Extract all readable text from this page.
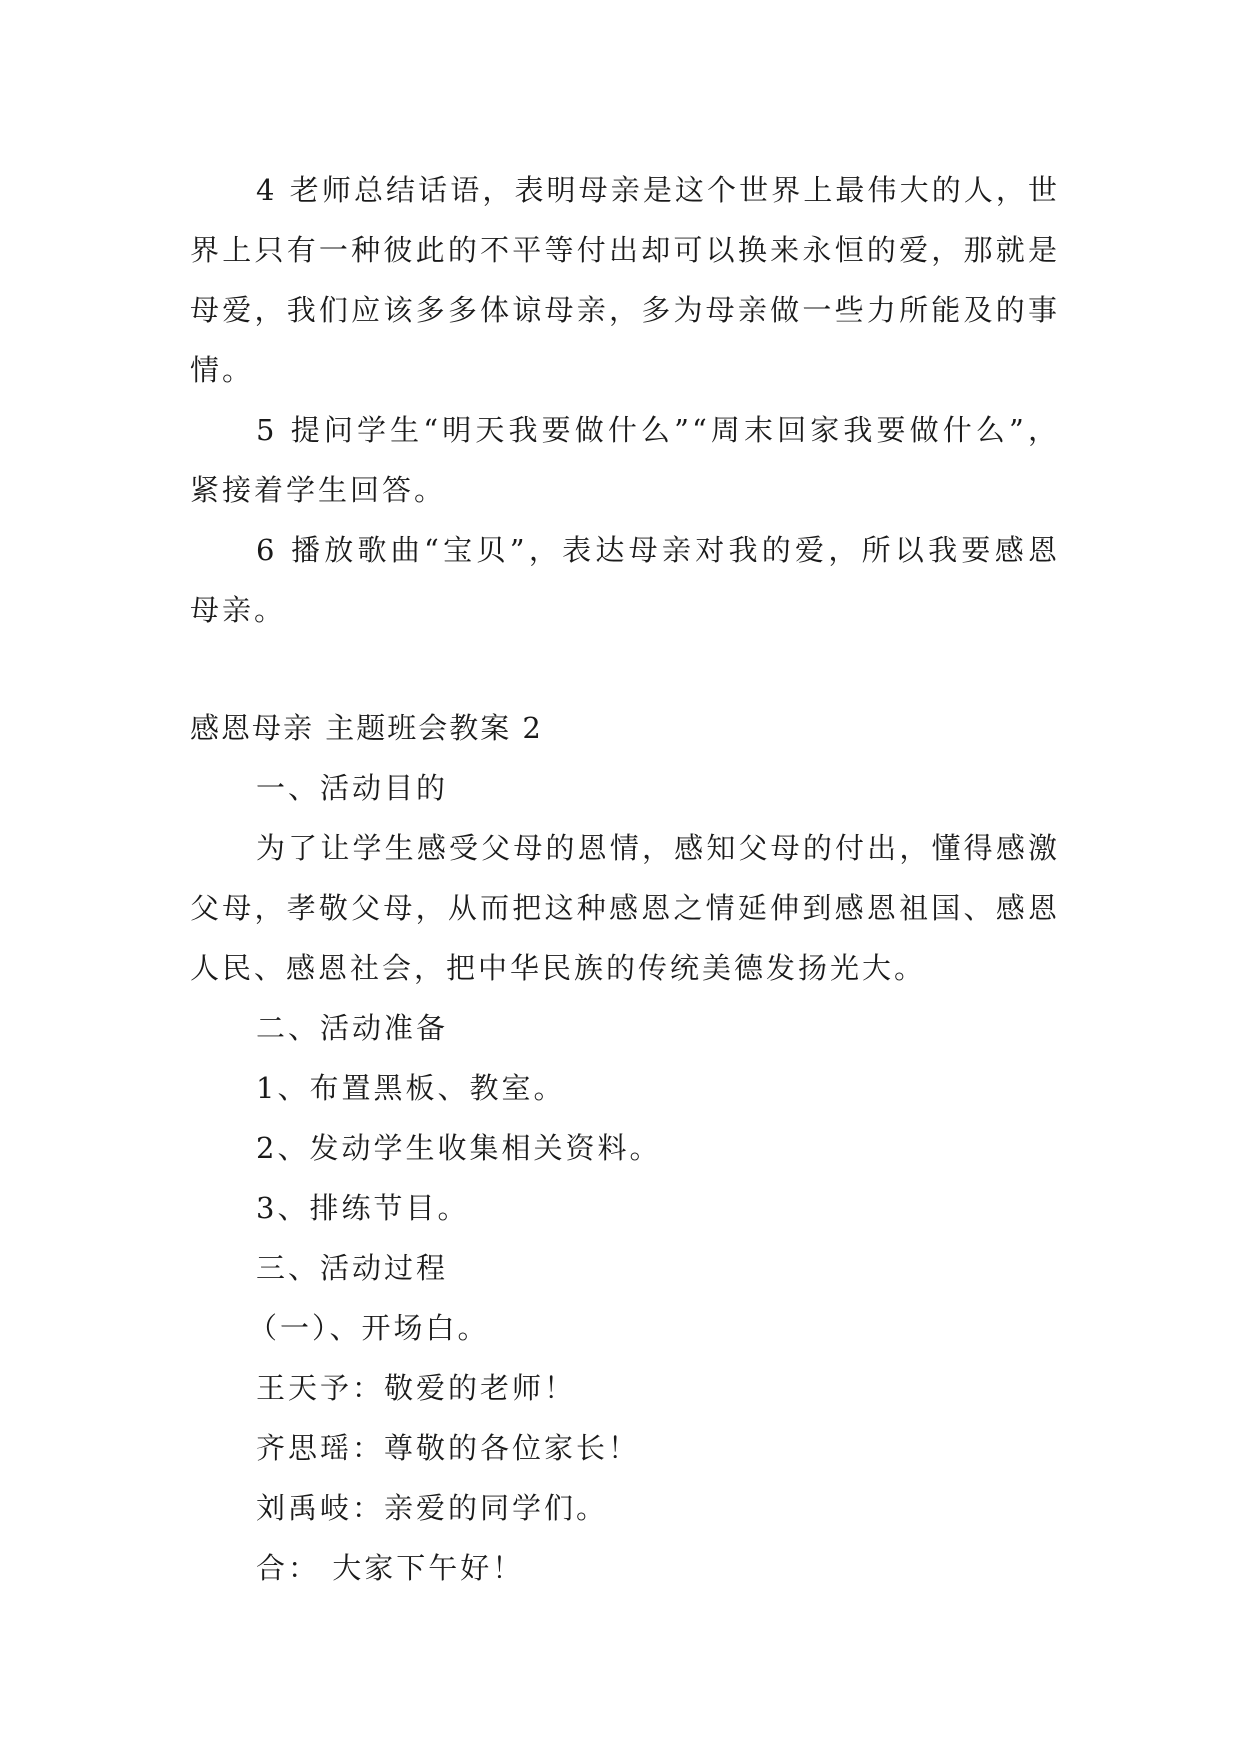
4 老师总结话语，表明母亲是这个世界上最伟大的人，世界上只有一种彼此的不平等付出却可以换来永恒的爱，那就是母爱，我们应该多多体谅母亲，多为母亲做一些力所能及的事情。

5 提问学生“明天我要做什么”“周末回家我要做什么”，紧接着学生回答。

6 播放歌曲“宝贝”，表达母亲对我的爱，所以我要感恩母亲。

感恩母亲 主题班会教案 2

一、活动目的

为了让学生感受父母的恩情，感知父母的付出，懂得感激父母，孝敬父母，从而把这种感恩之情延伸到感恩祖国、感恩人民、感恩社会，把中华民族的传统美德发扬光大。

二、活动准备

1、布置黑板、教室。

2、发动学生收集相关资料。

3、排练节目。

三、活动过程

（一）、开场白。

王天予：敬爱的老师！

齐思瑶：尊敬的各位家长！

刘禹岐：亲爱的同学们。

合： 大家下午好！
